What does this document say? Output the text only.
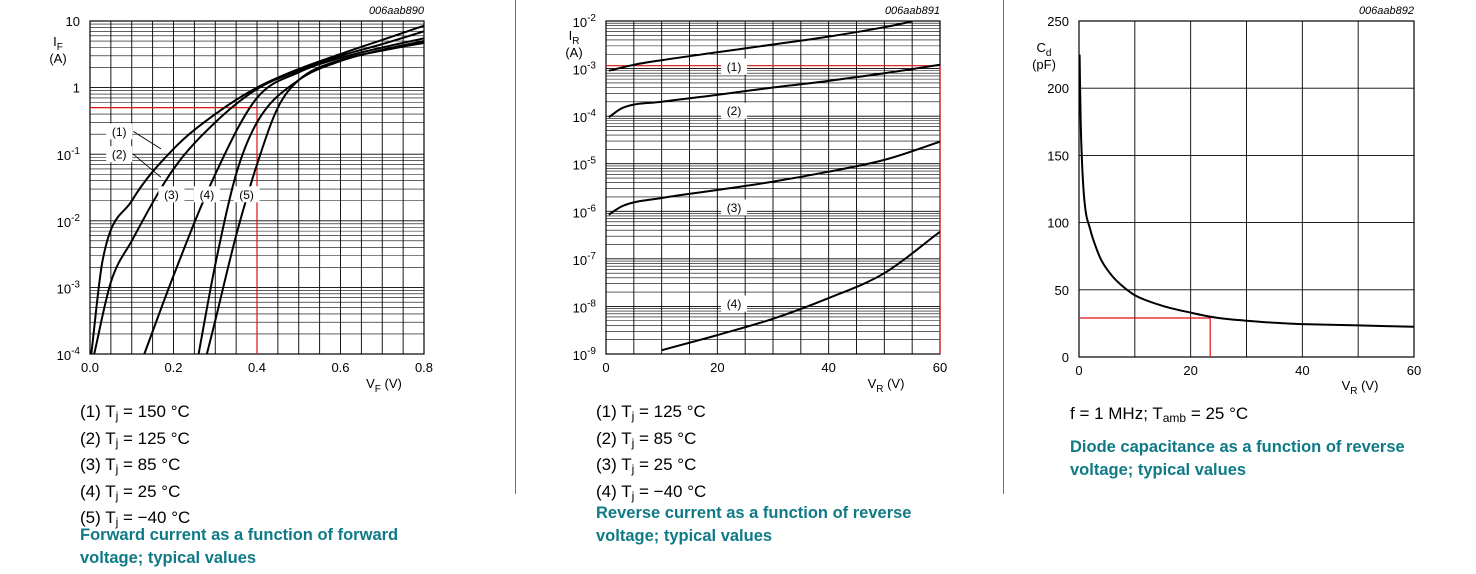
(1)
(2)
(3) (4) (5)
0.0	0.2	0.4	0.6	0.8
10
1
$10^{-1}$
$10^{-2}$
$10^{-3}$
$10^{-4}$
$I_F$
(A)
$V_F$ (V)
006aab890
(1) $T_j = 150$ °C
(2) $T_j = 125$ °C
(3) $T_j = 85$ °C
(4) $T_j = 25$ °C
(5) $T_j = -40$ °C
Forward current as a function of forward
voltage; typical values
(1)
(2)
(3)
(4)
0	20	40	60
$10^{-2}$
$10^{-3}$
$10^{-4}$
$10^{-5}$
$10^{-6}$
$10^{-7}$
$10^{-8}$
$10^{-9}$
$I_R$
(A)
$V_R$ (V)
006aab891
(1) $T_j = 125$ °C
(2) $T_j = 85$ °C
(3) $T_j = 25$ °C
(4) $T_j = -40$ °C
Reverse current as a function of reverse
voltage; typical values
0	20	40	60
250
200
150
100
50
0
$C_d$
(pF)
$V_R$ (V)
006aab892
f = 1 MHz; $T_{amb} = 25$ °C
Diode capacitance as a function of reverse
voltage; typical values
